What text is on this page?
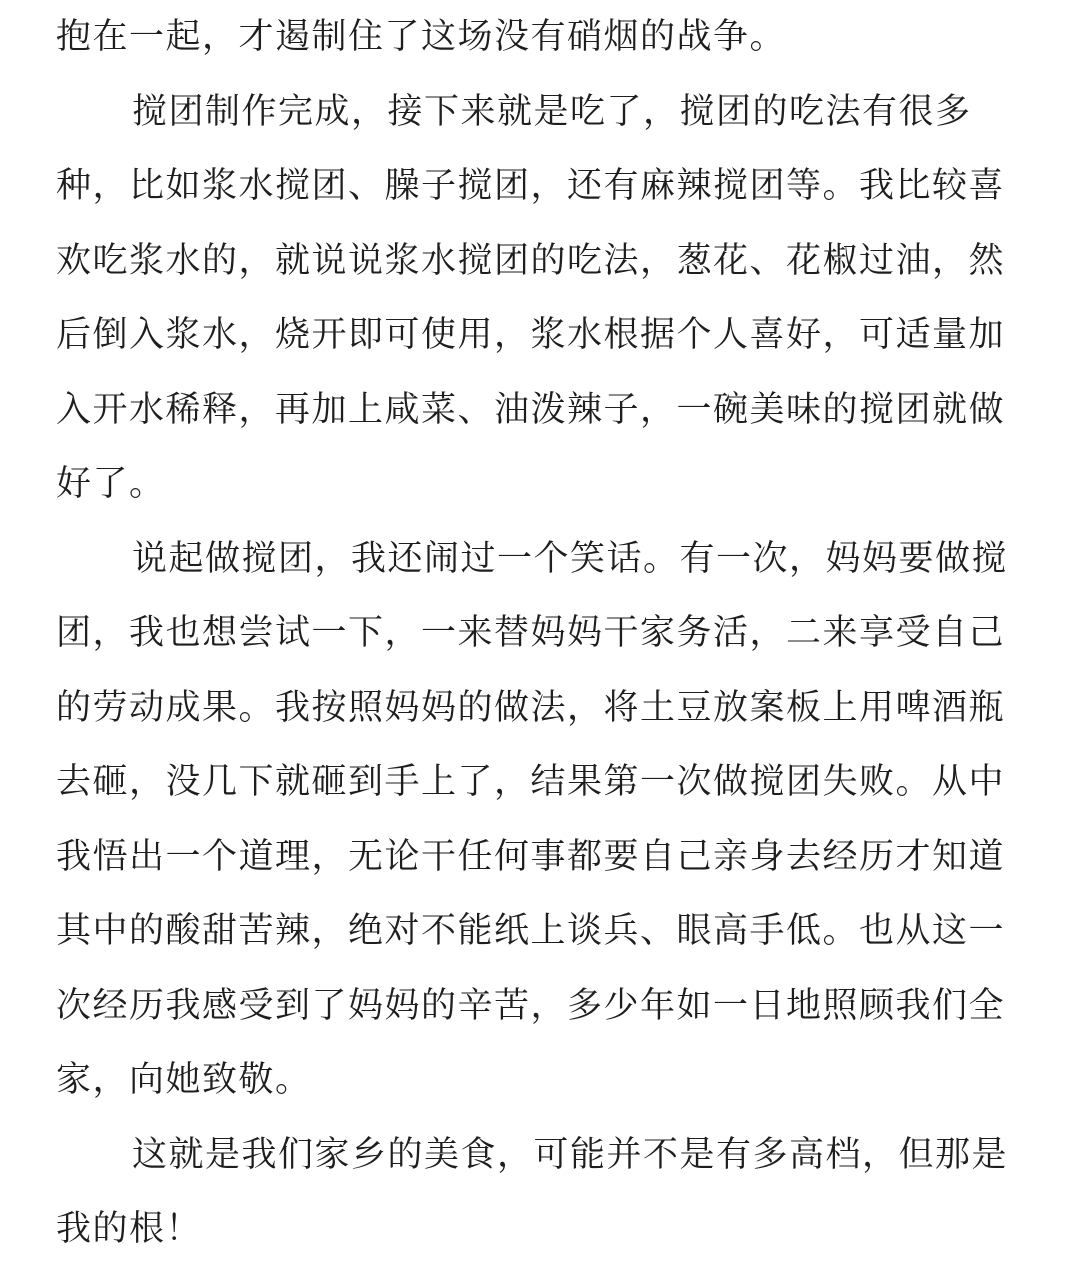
抱在一起，才遏制住了这场没有硝烟的战争。
搅团制作完成，接下来就是吃了，搅团的吃法有很多
种，比如浆水搅团、臊子搅团，还有麻辣搅团等。我比较喜
欢吃浆水的，就说说浆水搅团的吃法，葱花、花椒过油，然
后倒入浆水，烧开即可使用，浆水根据个人喜好，可适量加
入开水稀释，再加上咸菜、油泼辣子，一碗美味的搅团就做
好了。
说起做搅团，我还闹过一个笑话。有一次，妈妈要做搅
团，我也想尝试一下，一来替妈妈干家务活，二来享受自己
的劳动成果。我按照妈妈的做法，将土豆放案板上用啤酒瓶
去砸，没几下就砸到手上了，结果第一次做搅团失败。从中
我悟出一个道理，无论干任何事都要自己亲身去经历才知道
其中的酸甜苦辣，绝对不能纸上谈兵、眼高手低。也从这一
次经历我感受到了妈妈的辛苦，多少年如一日地照顾我们全
家，向她致敬。
这就是我们家乡的美食，可能并不是有多高档，但那是
我的根！
